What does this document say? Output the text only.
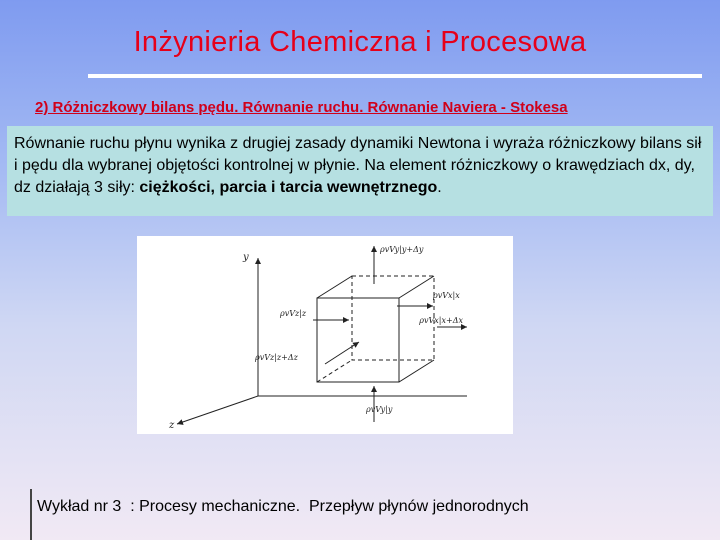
Inżynieria Chemiczna i Procesowa
2) Różniczkowy bilans pędu. Równanie ruchu. Równanie Naviera - Stokesa
Równanie ruchu płynu wynika z drugiej zasady dynamiki Newtona i wyraża różniczkowy bilans sił i pędu dla wybranej objętości kontrolnej w płynie. Na element różniczkowy o krawędziach dx, dy, dz działają 3 siły: ciężkości, parcia i tarcia wewnętrznego.
y
z
ρvVy|y+Δy
ρvVz|z
ρvVx|x
ρvVx|x+Δx
ρvVz|z+Δz
ρvVy|y
Wykład nr 3  : Procesy mechaniczne.  Przepływ płynów jednorodnych
